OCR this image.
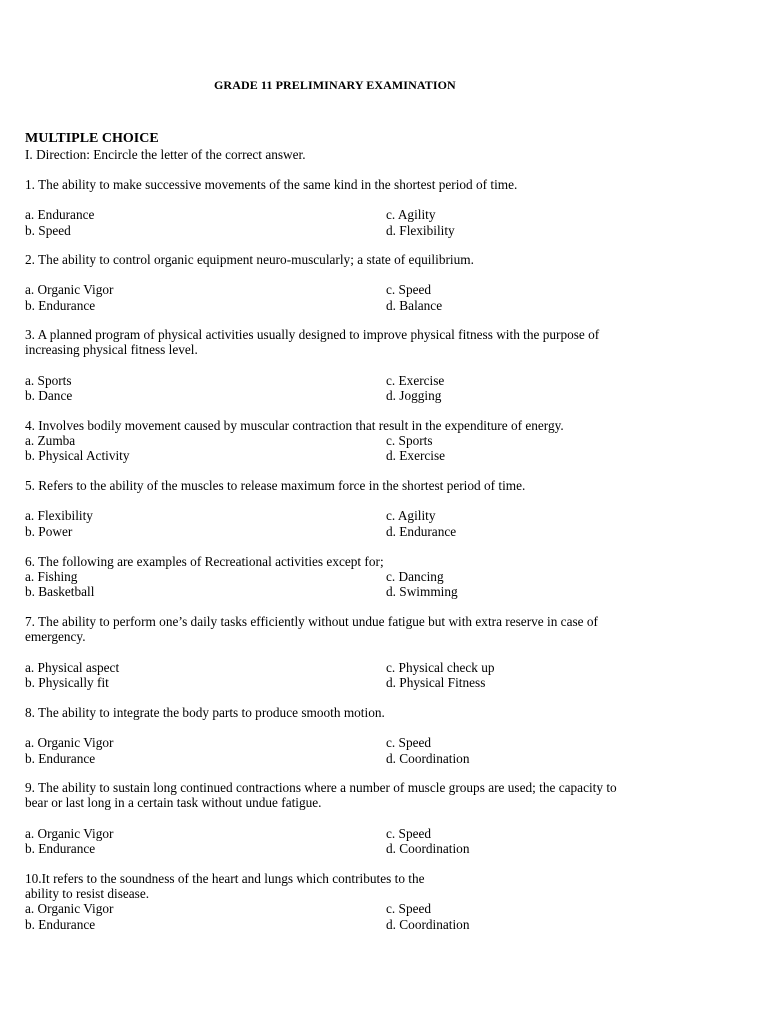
GRADE 11 PRELIMINARY EXAMINATION
MULTIPLE CHOICE
I. Direction: Encircle the letter of the correct answer.
1. The ability to make successive movements of the same kind in the shortest period of time.
a. Endurance
b. Speed
c. Agility
d. Flexibility
2. The ability to control organic equipment neuro-muscularly; a state of equilibrium.
a. Organic Vigor
b. Endurance
c. Speed
d. Balance
3. A planned program of physical activities usually designed to improve physical fitness with the purpose of increasing physical fitness level.
a. Sports
b. Dance
c. Exercise
d. Jogging
4. Involves bodily movement caused by muscular contraction that result in the expenditure of energy.
a. Zumba
b. Physical Activity
c. Sports
d. Exercise
5. Refers to the ability of the muscles to release maximum force in the shortest period of time.
a. Flexibility
b. Power
c. Agility
d. Endurance
6. The following are examples of Recreational activities except for;
a. Fishing
b. Basketball
c. Dancing
d. Swimming
7. The ability to perform one’s daily tasks efficiently without undue fatigue but with extra reserve in case of emergency.
a. Physical aspect
b. Physically fit
c. Physical check up
d. Physical Fitness
8. The ability to integrate the body parts to produce smooth motion.
a. Organic Vigor
b. Endurance
c. Speed
d. Coordination
9. The ability to sustain long continued contractions where a number of muscle groups are used; the capacity to bear or last long in a certain task without undue fatigue.
a. Organic Vigor
b. Endurance
c. Speed
d. Coordination
10.It refers to the soundness of the heart and lungs which contributes to the ability to resist disease.
a. Organic Vigor
b. Endurance
c. Speed
d. Coordination
